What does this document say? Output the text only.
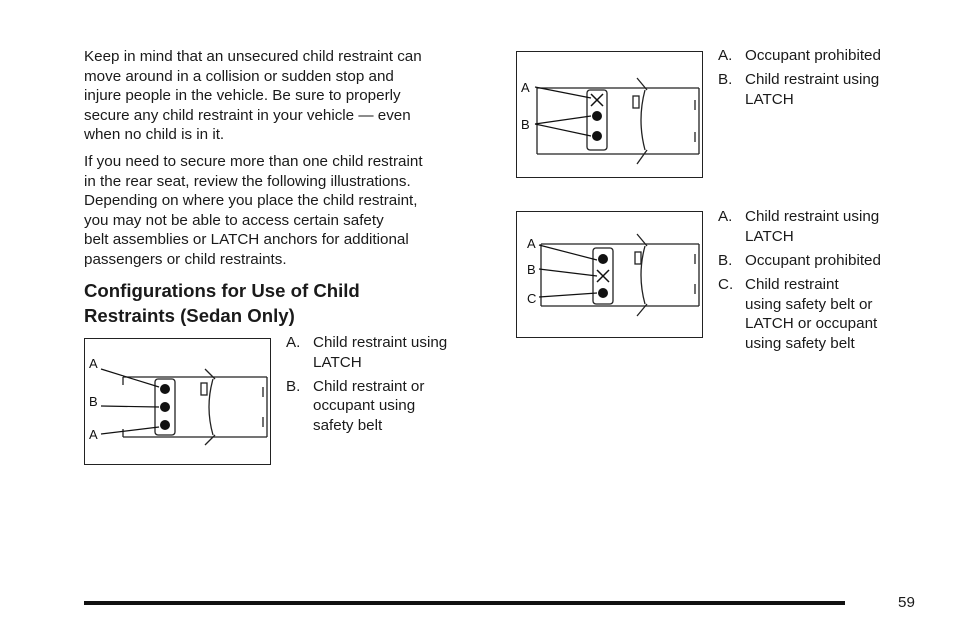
Keep in mind that an unsecured child restraint can
move around in a collision or sudden stop and
injure people in the vehicle. Be sure to properly
secure any child restraint in your vehicle — even
when no child is in it.

If you need to secure more than one child restraint
in the rear seat, review the following illustrations.
Depending on where you place the child restraint,
you may not be able to access certain safety
belt assemblies or LATCH anchors for additional
passengers or child restraints.

Configurations for Use of Child
Restraints (Sedan Only)
A
B
A
A. Child restraint using
LATCH
B. Child restraint or
occupant using
safety belt
A
B
A. Occupant prohibited
B. Child restraint using
LATCH
A
B
C
A. Child restraint using
LATCH
B. Occupant prohibited
C. Child restraint
using safety belt or
LATCH or occupant
using safety belt
59
